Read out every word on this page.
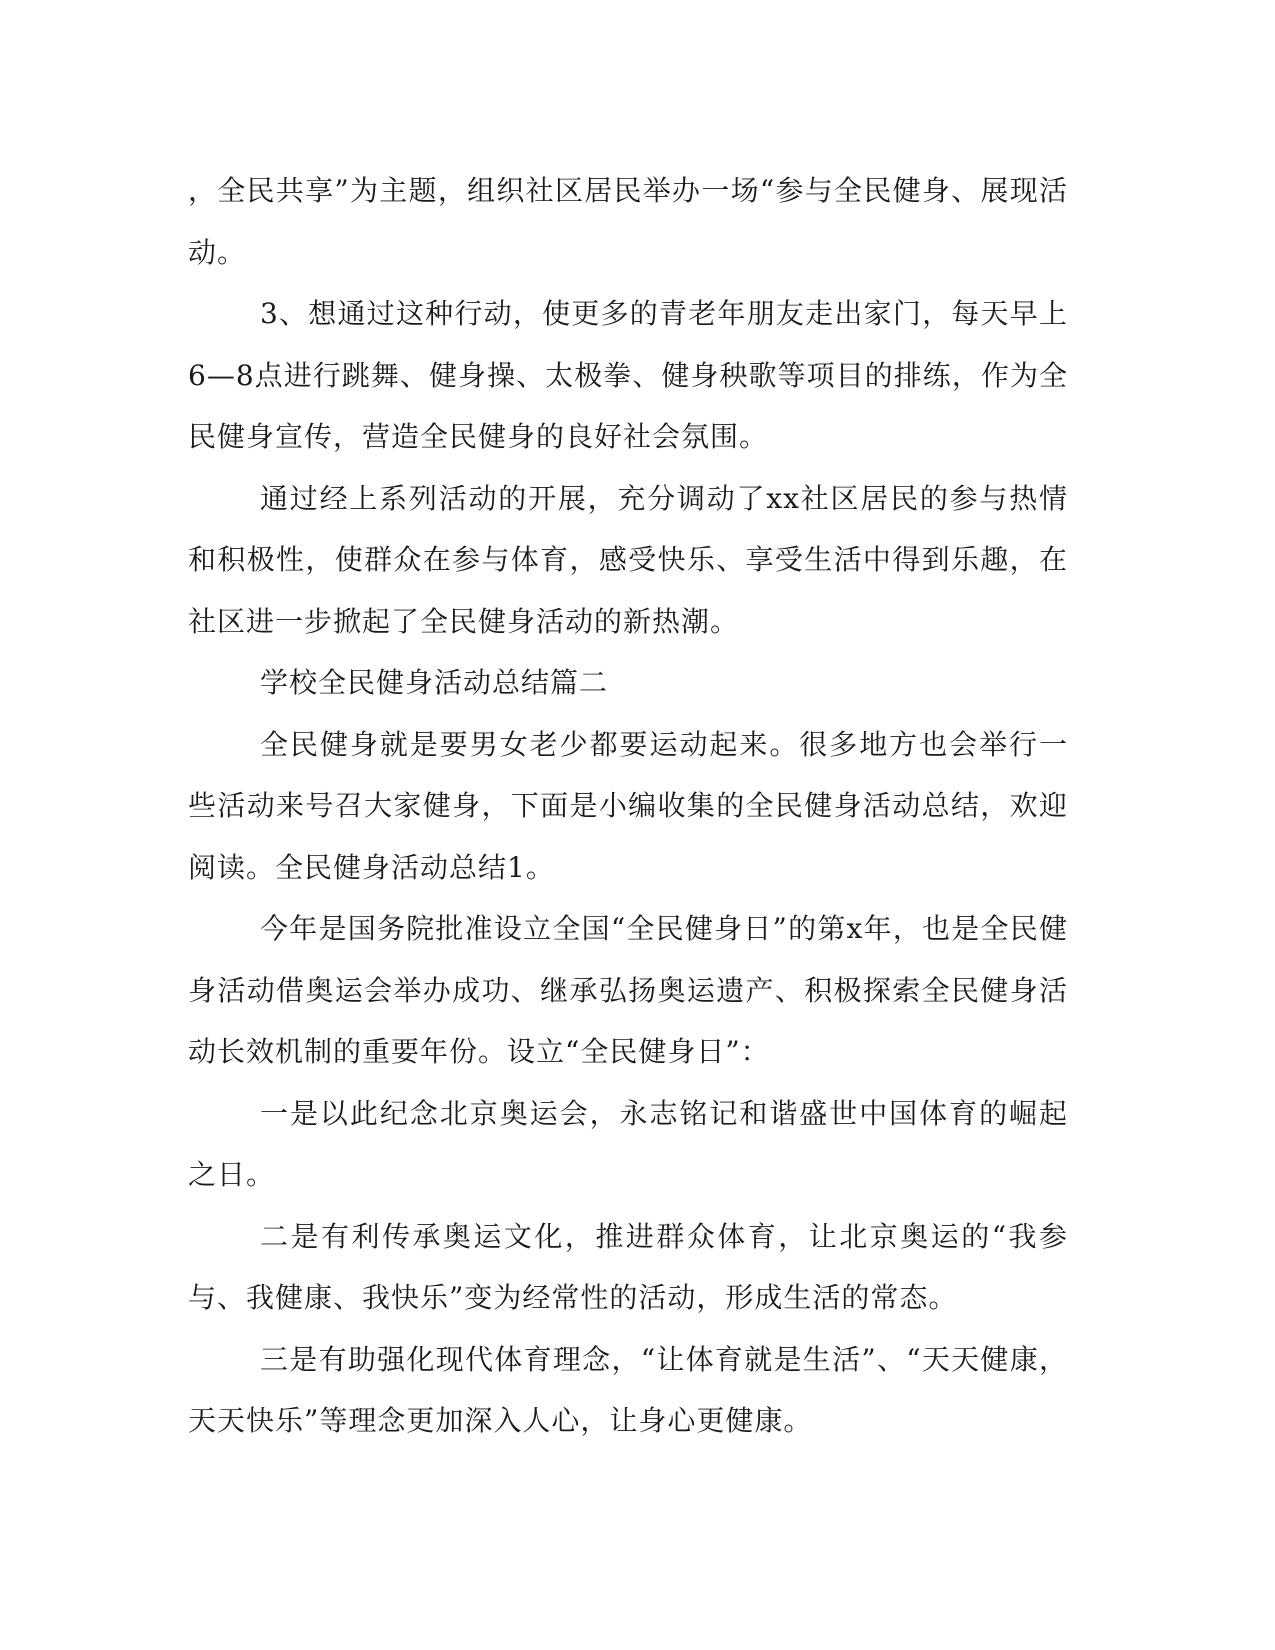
，全民共享”为主题，组织社区居民举办一场“参与全民健身、展现活动。

3、想通过这种行动，使更多的青老年朋友走出家门，每天早上6—8点进行跳舞、健身操、太极拳、健身秧歌等项目的排练，作为全民健身宣传，营造全民健身的良好社会氛围。

通过经上系列活动的开展，充分调动了xx社区居民的参与热情和积极性，使群众在参与体育，感受快乐、享受生活中得到乐趣，在社区进一步掀起了全民健身活动的新热潮。

学校全民健身活动总结篇二

全民健身就是要男女老少都要运动起来。很多地方也会举行一些活动来号召大家健身，下面是小编收集的全民健身活动总结，欢迎阅读。全民健身活动总结1。

今年是国务院批准设立全国“全民健身日”的第x年，也是全民健身活动借奥运会举办成功、继承弘扬奥运遗产、积极探索全民健身活动长效机制的重要年份。设立“全民健身日”：

一是以此纪念北京奥运会，永志铭记和谐盛世中国体育的崛起之日。

二是有利传承奥运文化，推进群众体育，让北京奥运的“我参与、我健康、我快乐”变为经常性的活动，形成生活的常态。

三是有助强化现代体育理念，“让体育就是生活”、“天天健康，天天快乐”等理念更加深入人心，让身心更健康。
